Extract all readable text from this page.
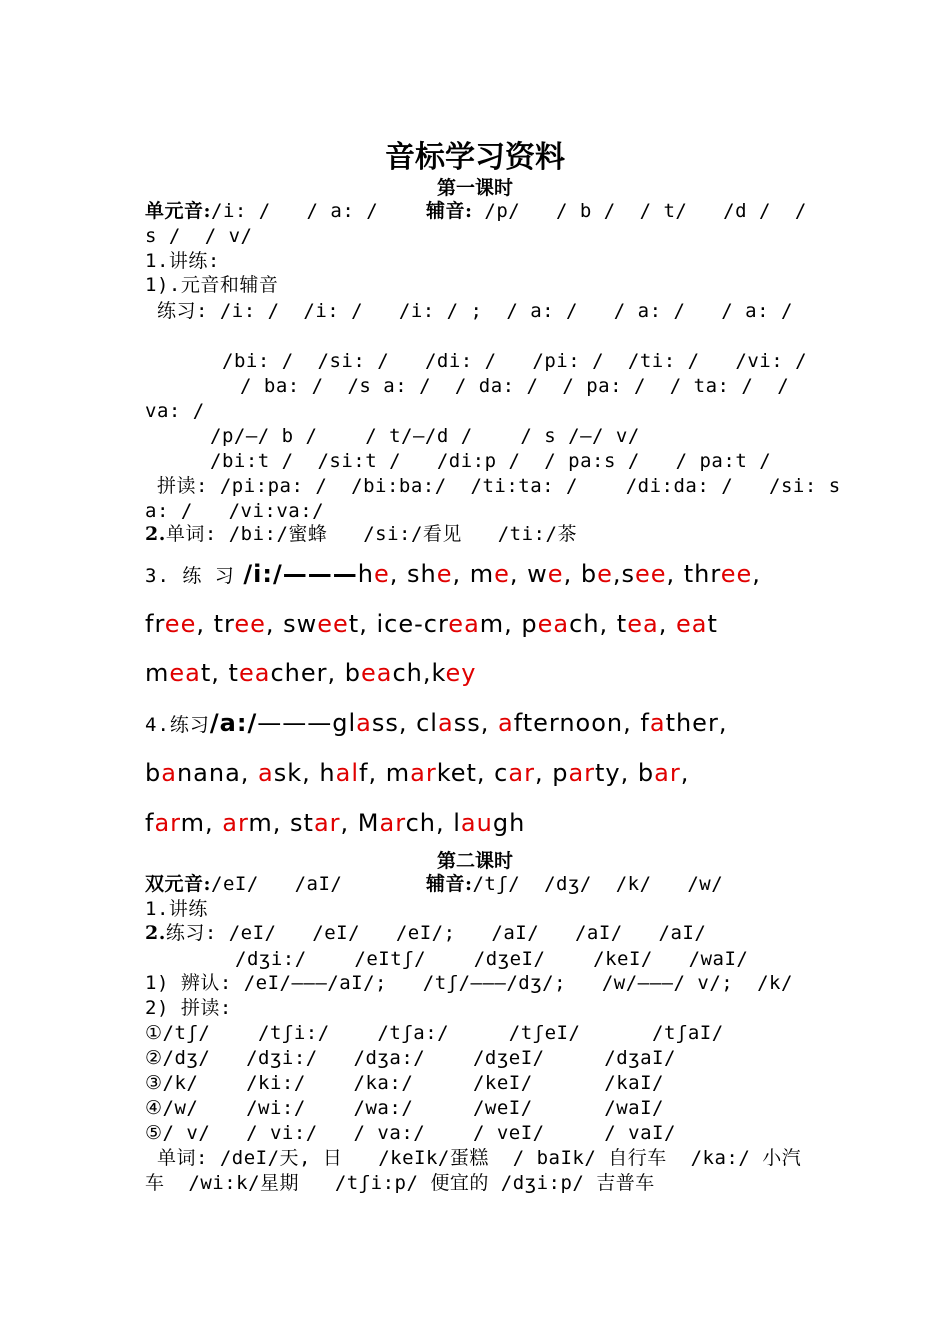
音标学习资料
第一课时
单元音:/i: /   / a: /	辅音: /p/   / b /  / t/   /d /  /
s /  / v/
1.讲练:
1).元音和辅音
练习: /i: /  /i: /   /i: / ;  / a: /   / a: /   / a: /
/bi: /  /si: /   /di: /   /pi: /  /ti: /   /vi: /
/ ba: /  /s a: /  / da: /  / pa: /  / ta: /  /
va: /
/p/—/ b /    / t/—/d /    / s /—/ v/
/bi:t /  /si:t /   /di:p /  / pa:s /   / pa:t /
拼读: /pi:pa: /  /bi:ba:/  /ti:ta: /    /di:da: /   /si: s
a: /   /vi:va:/
2.单词: /bi:/蜜蜂   /si:/看见   /ti:/茶
3. 练 习 /i:/———he, she, me, we, be,see, three,
free, tree, sweet, ice-cream, peach, tea, eat
meat, teacher, beach,key
4.练习/a:/———glass, class, afternoon, father,
banana, ask, half, market, car, party, bar,
farm, arm, star, March, laugh
第二课时
双元音:/eI/   /aI/	辅音:/tʃ/  /dʒ/  /k/   /w/
1.讲练
2.练习: /eI/   /eI/   /eI/;   /aI/   /aI/   /aI/
/dʒi:/    /eItʃ/    /dʒeI/    /keI/   /waI/
1) 辨认: /eI/———/aI/;   /tʃ/———/dʒ/;   /w/———/ v/;  /k/
2) 拼读:
①/tʃ/    /tʃi:/    /tʃa:/     /tʃeI/      /tʃaI/
②/dʒ/   /dʒi:/   /dʒa:/    /dʒeI/     /dʒaI/
③/k/    /ki:/    /ka:/     /keI/      /kaI/
④/w/    /wi:/    /wa:/     /weI/      /waI/
⑤/ v/   / vi:/   / va:/    / veI/     / vaI/
单词: /deI/天, 日   /keIk/蛋糕  / baIk/ 自行车  /ka:/ 小汽
车  /wi:k/星期   /tʃi:p/ 便宜的 /dʒi:p/ 吉普车
